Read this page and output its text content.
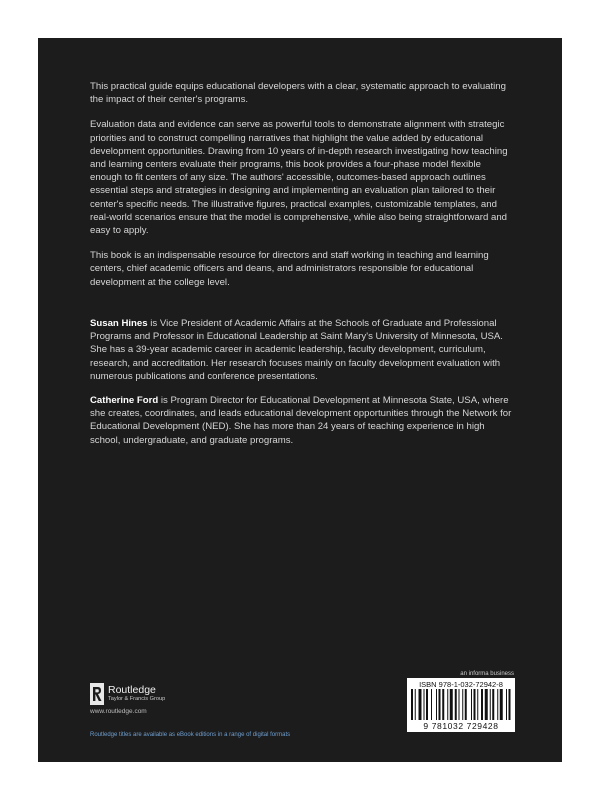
This practical guide equips educational developers with a clear, systematic approach to evaluating the impact of their center's programs.

Evaluation data and evidence can serve as powerful tools to demonstrate alignment with strategic priorities and to construct compelling narratives that highlight the value added by educational development opportunities. Drawing from 10 years of in-depth research investigating how teaching and learning centers evaluate their programs, this book provides a four-phase model flexible enough to fit centers of any size. The authors' accessible, outcomes-based approach outlines essential steps and strategies in designing and implementing an evaluation plan tailored to their center's specific needs. The illustrative figures, practical examples, customizable templates, and real-world scenarios ensure that the model is comprehensive, while also being straightforward and easy to apply.

This book is an indispensable resource for directors and staff working in teaching and learning centers, chief academic officers and deans, and administrators responsible for educational development at the college level.

Susan Hines is Vice President of Academic Affairs at the Schools of Graduate and Professional Programs and Professor in Educational Leadership at Saint Mary's University of Minnesota, USA. She has a 39-year academic career in academic leadership, faculty development, curriculum, research, and accreditation. Her research focuses mainly on faculty development evaluation with numerous publications and conference presentations.

Catherine Ford is Program Director for Educational Development at Minnesota State, USA, where she creates, coordinates, and leads educational development opportunities through the Network for Educational Development (NED). She has more than 24 years of teaching experience in high school, undergraduate, and graduate programs.

Routledge
Taylor & Francis Group
www.routledge.com
Routledge titles are available as eBook editions in a range of digital formats
an informa business
ISBN 978-1-032-72942-8
9 781032 729428
